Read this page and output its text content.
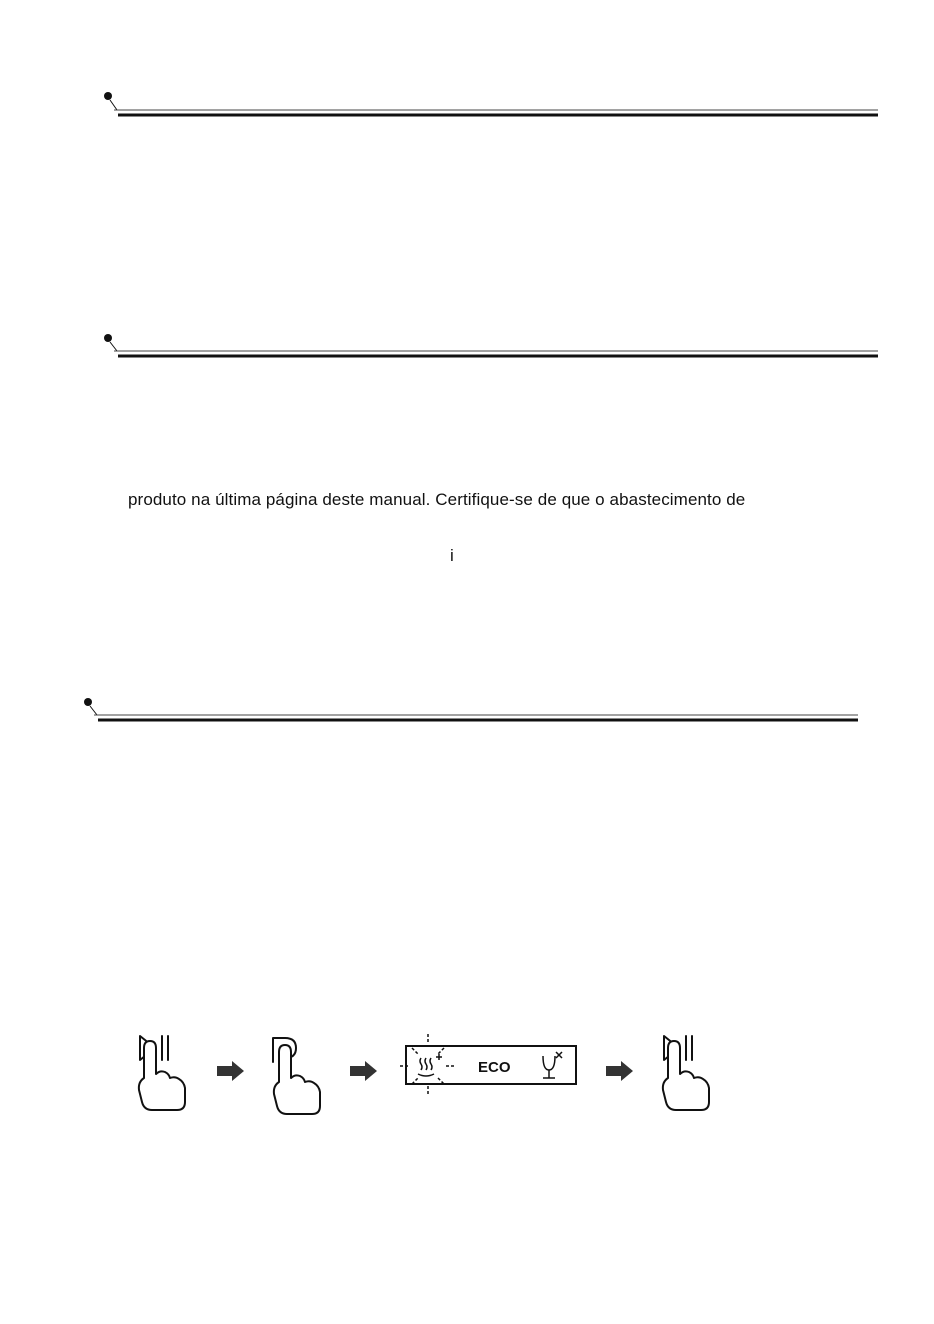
produto na última página deste manual. Certifique-se de que o abastecimento de
i
ECO
